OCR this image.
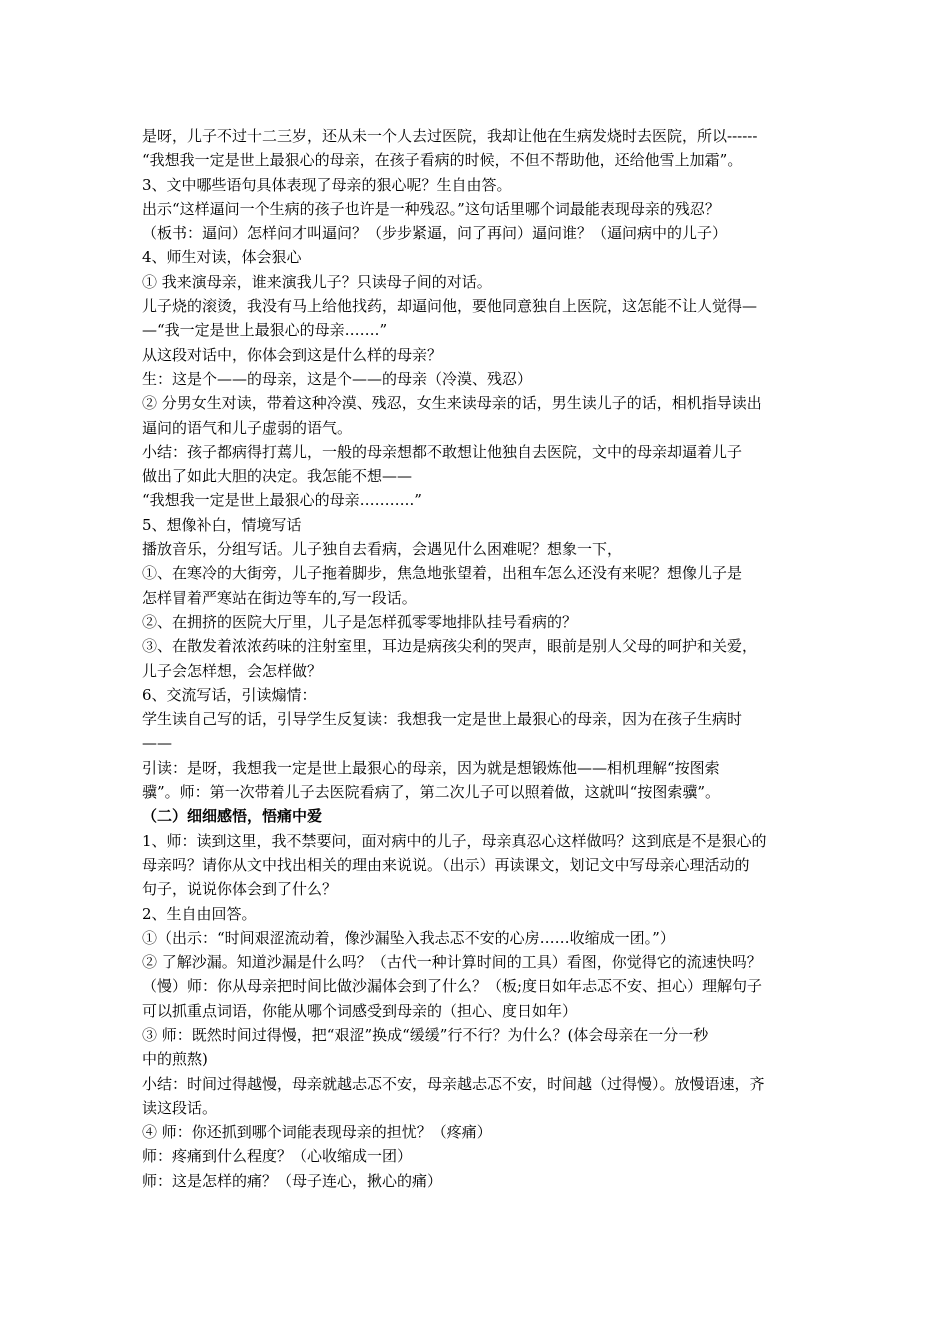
是呀，儿子不过十二三岁，还从未一个人去过医院，我却让他在生病发烧时去医院，所以------
“我想我一定是世上最狠心的母亲，在孩子看病的时候，不但不帮助他，还给他雪上加霜”。
3、文中哪些语句具体表现了母亲的狠心呢？生自由答。
出示“这样逼问一个生病的孩子也许是一种残忍。”这句话里哪个词最能表现母亲的残忍？
（板书：逼问）怎样问才叫逼问？（步步紧逼，问了再问）逼问谁？（逼问病中的儿子）
4、师生对读，体会狠心
① 我来演母亲，谁来演我儿子？只读母子间的对话。
儿子烧的滚烫，我没有马上给他找药，却逼问他，要他同意独自上医院，这怎能不让人觉得—
—“我一定是世上最狠心的母亲…….”
从这段对话中，你体会到这是什么样的母亲？
生：这是个——的母亲，这是个——的母亲（冷漠、残忍）
② 分男女生对读，带着这种冷漠、残忍，女生来读母亲的话，男生读儿子的话，相机指导读出
逼问的语气和儿子虚弱的语气。
小结：孩子都病得打蔫儿，一般的母亲想都不敢想让他独自去医院，文中的母亲却逼着儿子
做出了如此大胆的决定。我怎能不想——
“我想我一定是世上最狠心的母亲………..”
5、想像补白，情境写话
播放音乐，分组写话。儿子独自去看病，会遇见什么困难呢？想象一下，
①、在寒冷的大街旁，儿子拖着脚步，焦急地张望着，出租车怎么还没有来呢？想像儿子是
怎样冒着严寒站在街边等车的,写一段话。
②、在拥挤的医院大厅里，儿子是怎样孤零零地排队挂号看病的？
③、在散发着浓浓药味的注射室里，耳边是病孩尖利的哭声，眼前是别人父母的呵护和关爱，
儿子会怎样想，会怎样做？
6、交流写话，引读煽情：
学生读自己写的话，引导学生反复读：我想我一定是世上最狠心的母亲，因为在孩子生病时
——
引读：是呀，我想我一定是世上最狠心的母亲，因为就是想锻炼他——相机理解“按图索
骥”。师：第一次带着儿子去医院看病了，第二次儿子可以照着做，这就叫“按图索骥”。
（二）细细感悟，悟痛中爱
1、师：读到这里，我不禁要问，面对病中的儿子，母亲真忍心这样做吗？这到底是不是狠心的
母亲吗？请你从文中找出相关的理由来说说。（出示）再读课文，划记文中写母亲心理活动的
句子，说说你体会到了什么？
2、生自由回答。
①（出示：“时间艰涩流动着，像沙漏坠入我忐忑不安的心房……收缩成一团。”）
② 了解沙漏。知道沙漏是什么吗？（古代一种计算时间的工具）看图，你觉得它的流速快吗？
（慢）师：你从母亲把时间比做沙漏体会到了什么？（板;度日如年忐忑不安、担心）理解句子
可以抓重点词语，你能从哪个词感受到母亲的（担心、度日如年）
③ 师：既然时间过得慢，把“艰涩”换成“缓缓”行不行？为什么？(体会母亲在一分一秒
中的煎熬)
小结：时间过得越慢，母亲就越忐忑不安，母亲越忐忑不安，时间越（过得慢）。放慢语速，齐
读这段话。
④ 师：你还抓到哪个词能表现母亲的担忧？（疼痛）
师：疼痛到什么程度？（心收缩成一团）
师：这是怎样的痛？（母子连心，揪心的痛）
